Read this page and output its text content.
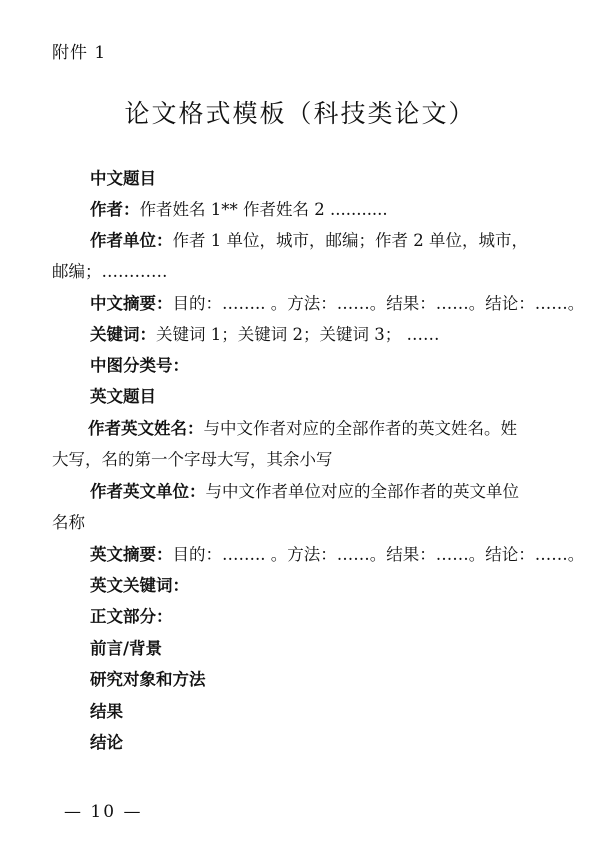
附件 1
论文格式模板（科技类论文）
中文题目
作者：作者姓名 1** 作者姓名 2 ...........
作者单位：作者 1 单位，城市，邮编；作者 2 单位，城市，
邮编；…………
中文摘要：目的：…….. 。方法：……。结果：……。结论：……。
关键词：关键词 1；关键词 2；关键词 3； ……
中图分类号：
英文题目
作者英文姓名：与中文作者对应的全部作者的英文姓名。姓
大写，名的第一个字母大写，其余小写
作者英文单位：与中文作者单位对应的全部作者的英文单位
名称
英文摘要：目的：…….. 。方法：……。结果：……。结论：……。
英文关键词：
正文部分：
前言/背景
研究对象和方法
结果
结论
— 10 —
